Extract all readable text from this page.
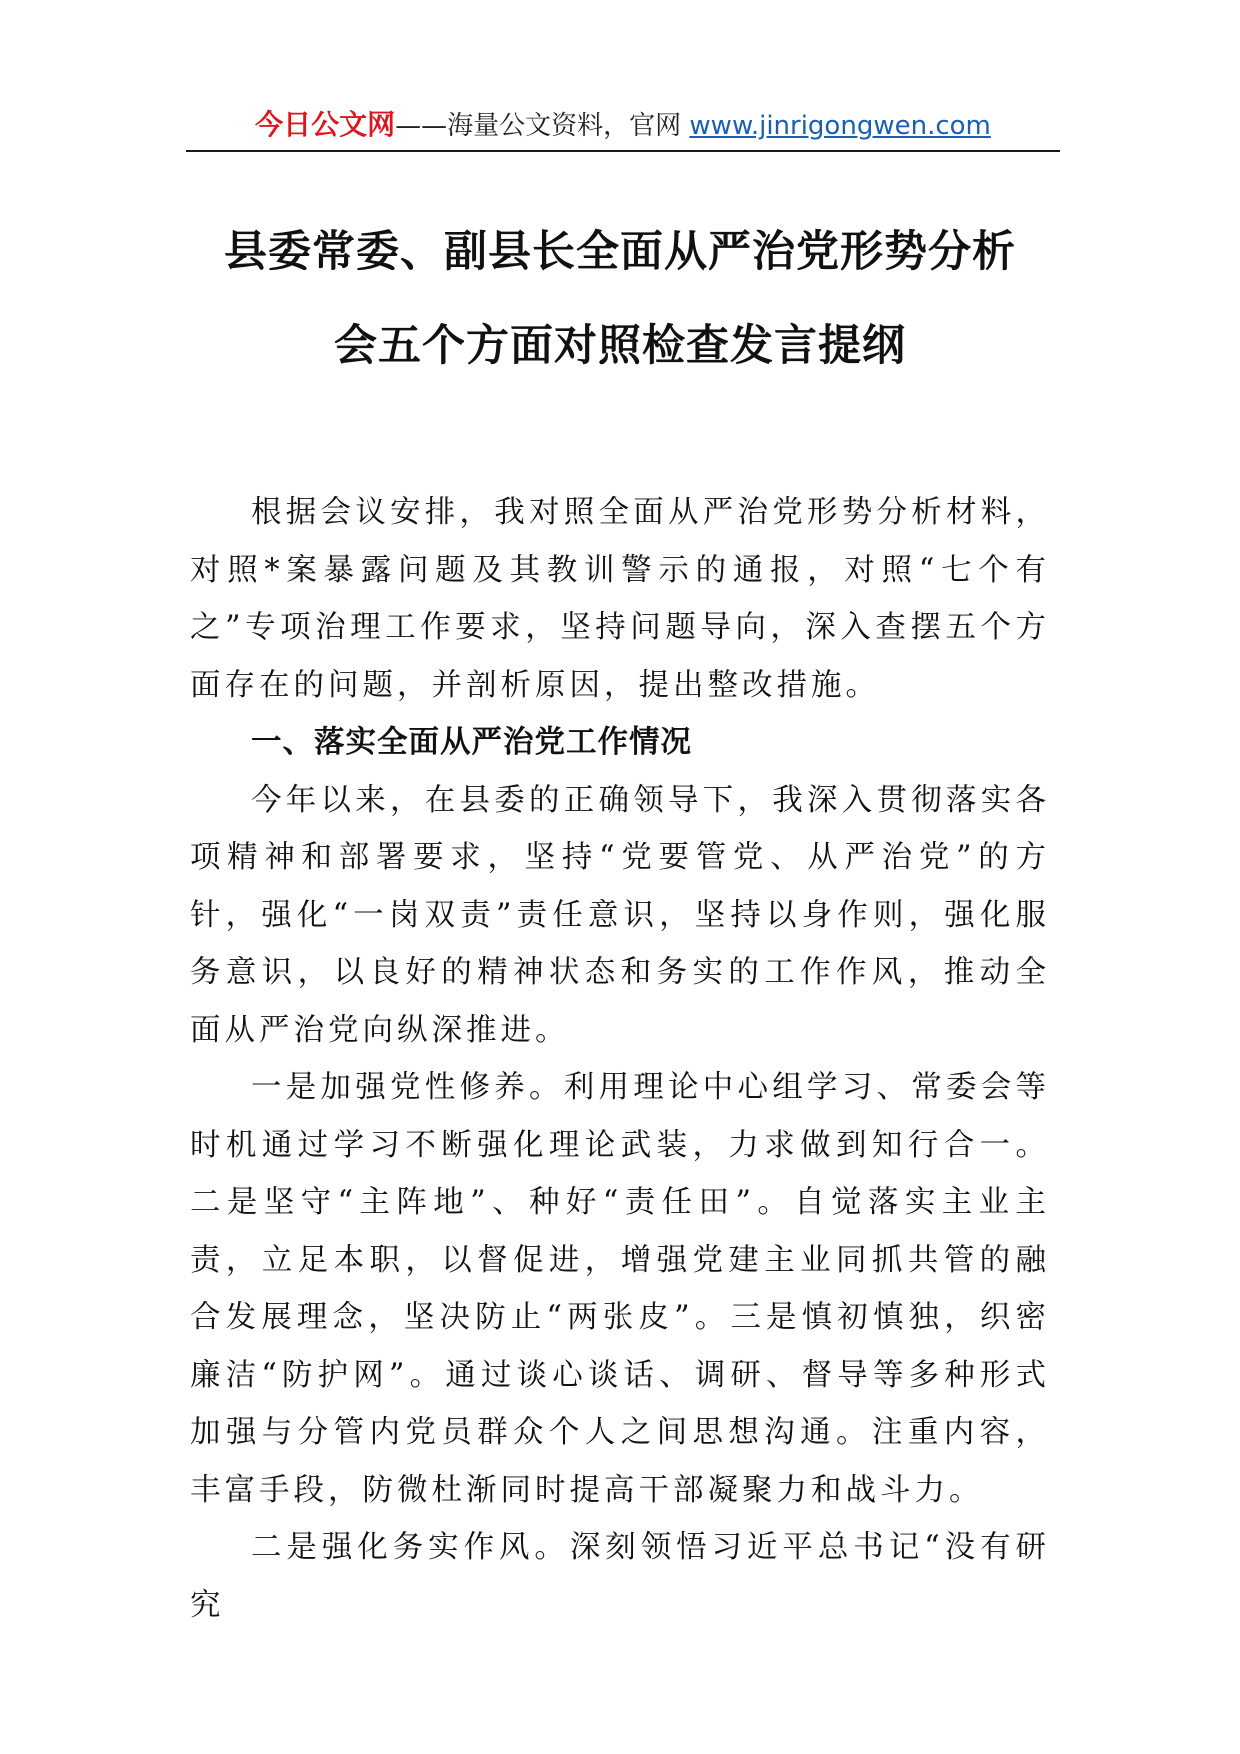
今日公文网——海量公文资料，官网 www.jinrigongwen.com
县委常委、副县长全面从严治党形势分析
会五个方面对照检查发言提纲

根据会议安排，我对照全面从严治党形势分析材料，对照*案暴露问题及其教训警示的通报，对照“七个有之”专项治理工作要求，坚持问题导向，深入查摆五个方面存在的问题，并剖析原因，提出整改措施。

一、落实全面从严治党工作情况

今年以来，在县委的正确领导下，我深入贯彻落实各项精神和部署要求，坚持“党要管党、从严治党”的方针，强化“一岗双责”责任意识，坚持以身作则，强化服务意识，以良好的精神状态和务实的工作作风，推动全面从严治党向纵深推进。

一是加强党性修养。利用理论中心组学习、常委会等时机通过学习不断强化理论武装，力求做到知行合一。二是坚守“主阵地”、种好“责任田”。自觉落实主业主责，立足本职，以督促进，增强党建主业同抓共管的融合发展理念，坚决防止“两张皮”。三是慎初慎独，织密廉洁“防护网”。通过谈心谈话、调研、督导等多种形式加强与分管内党员群众个人之间思想沟通。注重内容，丰富手段，防微杜渐同时提高干部凝聚力和战斗力。

二是强化务实作风。深刻领悟习近平总书记“没有研究
